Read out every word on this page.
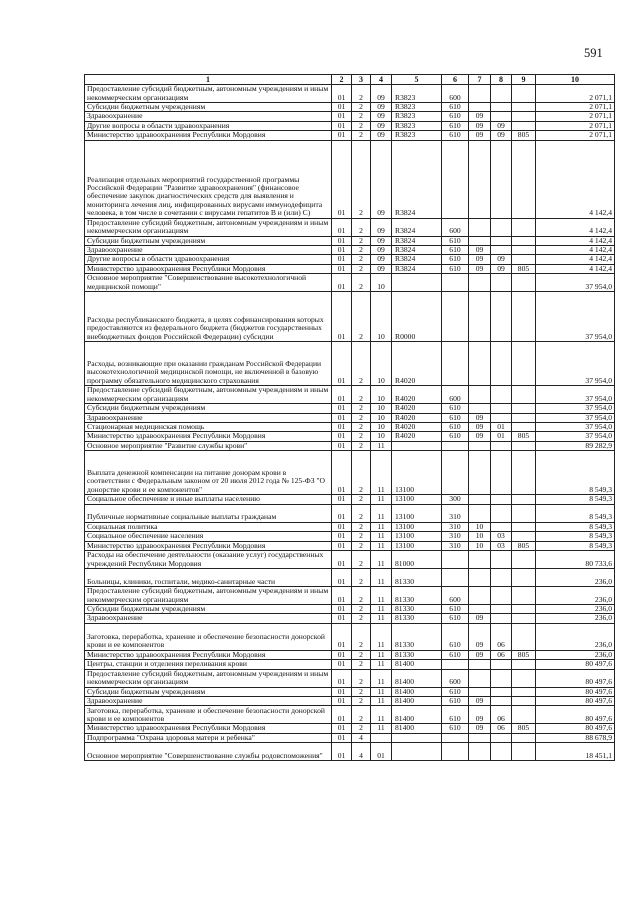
591
1	2	3	4	5	6	7	8	9	10
Предоставление субсидий бюджетным, автономным учреждениям и иным некоммерческим организациям	01	2	09	R3823	600				2 071,1
Субсидии бюджетным учреждениям	01	2	09	R3823	610				2 071,1
Здравоохранение	01	2	09	R3823	610	09			2 071,1
Другие вопросы в области здравоохранения	01	2	09	R3823	610	09	09		2 071,1
Министерство здравоохранения Республики Мордовия	01	2	09	R3823	610	09	09	805	2 071,1
Реализация отдельных мероприятий государственной программы Российской Федерации "Развитие здравоохранения" (финансовое обеспечение закупок диагностических средств для выявления и мониторинга лечения лиц, инфицированных вирусами иммунодефицита человека, в том числе в сочетании с вирусами гепатитов В и (или) С)	01	2	09	R3824					4 142,4
Предоставление субсидий бюджетным, автономным учреждениям и иным некоммерческим организациям	01	2	09	R3824	600				4 142,4
Субсидии бюджетным учреждениям	01	2	09	R3824	610				4 142,4
Здравоохранение	01	2	09	R3824	610	09			4 142,4
Другие вопросы в области здравоохранения	01	2	09	R3824	610	09	09		4 142,4
Министерство здравоохранения Республики Мордовия	01	2	09	R3824	610	09	09	805	4 142,4
Основное мероприятие "Совершенствование высокотехнологичной медицинской помощи"	01	2	10						37 954,0
Расходы республиканского бюджета, в целях софинансирования которых предоставляются из федерального бюджета (бюджетов государственных внебюджетных фондов Российской Федерации) субсидии	01	2	10	R0000					37 954,0
Расходы, возникающие при оказании гражданам Российской Федерации высокотехнологичной медицинской помощи, не включенной в базовую программу обязательного медицинского страхования	01	2	10	R4020					37 954,0
Предоставление субсидий бюджетным, автономным учреждениям и иным некоммерческим организациям	01	2	10	R4020	600				37 954,0
Субсидии бюджетным учреждениям	01	2	10	R4020	610				37 954,0
Здравоохранение	01	2	10	R4020	610	09			37 954,0
Стационарная медицинская помощь	01	2	10	R4020	610	09	01		37 954,0
Министерство здравоохранения Республики Мордовия	01	2	10	R4020	610	09	01	805	37 954,0
Основное мероприятие "Развитие службы крови"	01	2	11						89 282,9
Выплата денежной компенсации на питание донорам крови в соответствии с Федеральным законом от 20 июля 2012 года № 125-ФЗ "О донорстве крови и ее компонентов"	01	2	11	13100					8 549,3
Социальное обеспечение и иные выплаты населению	01	2	11	13100	300				8 549,3
Публичные нормативные социальные выплаты гражданам	01	2	11	13100	310				8 549,3
Социальная политика	01	2	11	13100	310	10			8 549,3
Социальное обеспечение населения	01	2	11	13100	310	10	03		8 549,3
Министерство здравоохранения Республики Мордовия	01	2	11	13100	310	10	03	805	8 549,3
Расходы на обеспечение деятельности (оказание услуг) государственных учреждений Республики Мордовия	01	2	11	81000					80 733,6
Больницы, клиники, госпитали, медико-санитарные части	01	2	11	81330					236,0
Предоставление субсидий бюджетным, автономным учреждениям и иным некоммерческим организациям	01	2	11	81330	600				236,0
Субсидии бюджетным учреждениям	01	2	11	81330	610				236,0
Здравоохранение	01	2	11	81330	610	09			236,0
Заготовка, переработка, хранение и обеспечение безопасности донорской крови и ее компонентов	01	2	11	81330	610	09	06		236,0
Министерство здравоохранения Республики Мордовия	01	2	11	81330	610	09	06	805	236,0
Центры, станции и отделения переливания крови	01	2	11	81400					80 497,6
Предоставление субсидий бюджетным, автономным учреждениям и иным некоммерческим организациям	01	2	11	81400	600				80 497,6
Субсидии бюджетным учреждениям	01	2	11	81400	610				80 497,6
Здравоохранение	01	2	11	81400	610	09			80 497,6
Заготовка, переработка, хранение и обеспечение безопасности донорской крови и ее компонентов	01	2	11	81400	610	09	06		80 497,6
Министерство здравоохранения Республики Мордовия	01	2	11	81400	610	09	06	805	80 497,6
Подпрограмма "Охрана здоровья матери и ребенка"	01	4							88 678,9
Основное мероприятие "Совершенствование службы родовспоможения"	01	4	01						18 451,1
